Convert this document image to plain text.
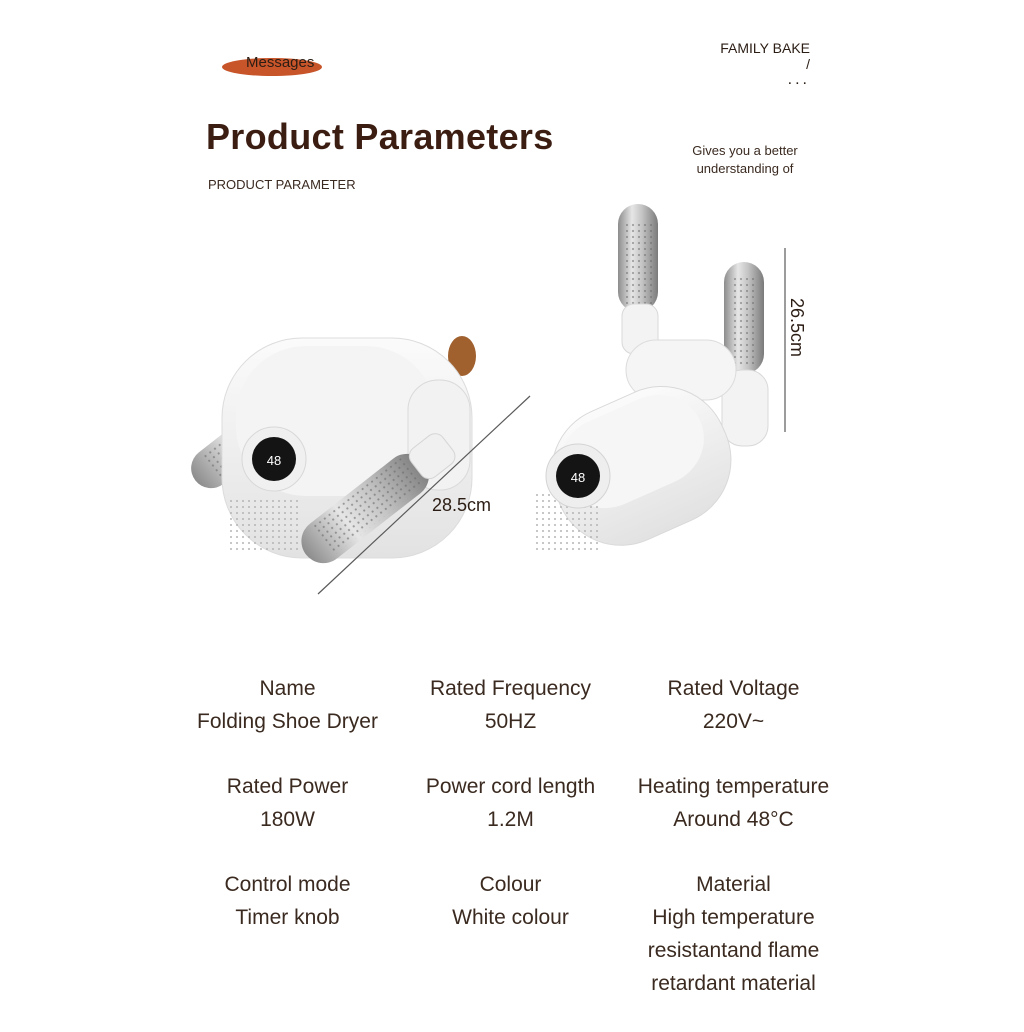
Messages
FAMILY BAKE
/
...
Product Parameters
PRODUCT PARAMETER
Gives you a better
understanding of
48
48
28.5cm
26.5cm
Name
Folding Shoe Dryer
Rated Frequency
50HZ
Rated Voltage
220V~
Rated Power
180W
Power cord length
1.2M
Heating temperature
Around 48°C
Control mode
Timer knob
Colour
White colour
Material
High temperature
resistantand flame
retardant material
